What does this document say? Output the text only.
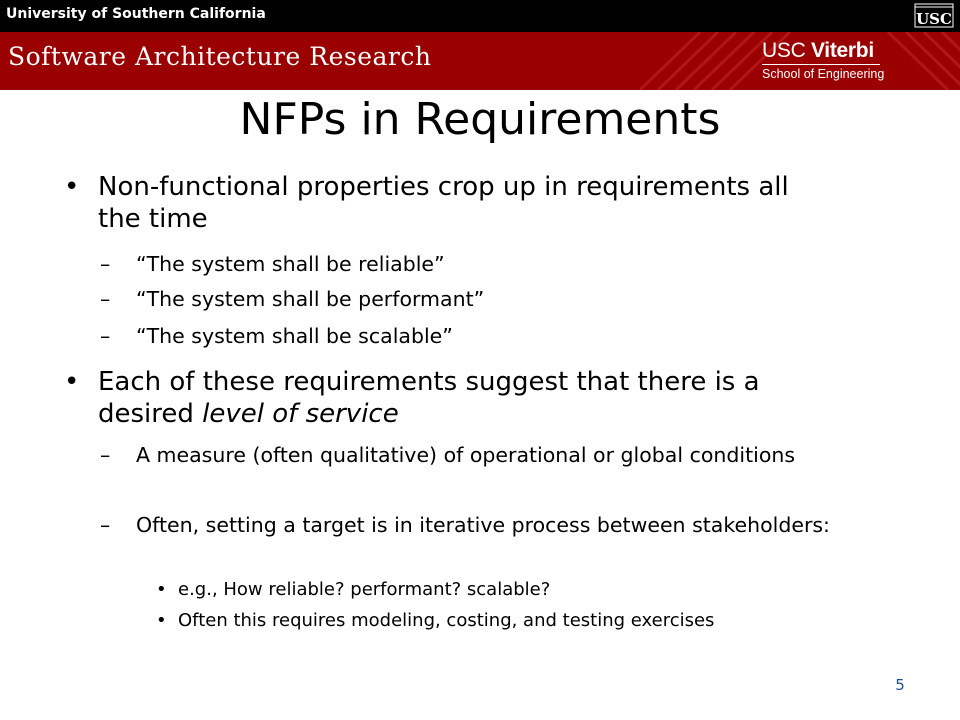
University of Southern California	USC
Software Architecture Research	USC Viterbi
School of Engineering
NFPs in Requirements
• Non-functional properties crop up in requirements all the time
– “The system shall be reliable”
– “The system shall be performant”
– “The system shall be scalable”
• Each of these requirements suggest that there is a desired level of service
– A measure (often qualitative) of operational or global conditions
– Often, setting a target is in iterative process between stakeholders:
• e.g., How reliable? performant? scalable?
• Often this requires modeling, costing, and testing exercises
5
